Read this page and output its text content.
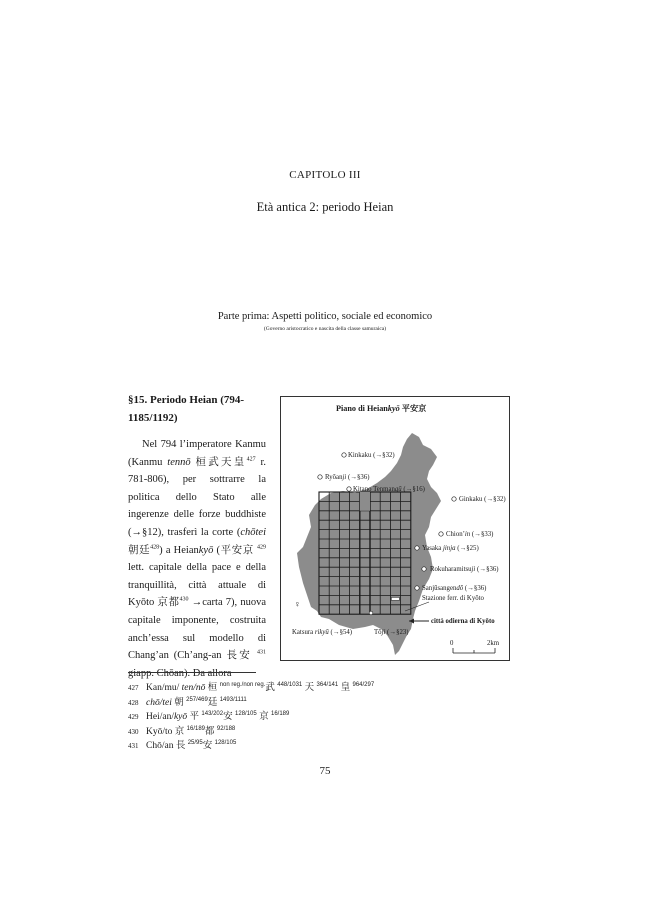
CAPITOLO III
Età antica 2: periodo Heian
Parte prima: Aspetti politico, sociale ed economico
(Governo aristocratico e nascita della classe samuraica)
§15. Periodo Heian (794-1185/1192)

Nel 794 l’imperatore Kanmu (Kanmu tennō 桓武天皇$^{427}$ r. 781-806), per sottrarre la politica dello Stato alle ingerenze delle forze buddhiste (→§12), trasferì la corte (chōtei 朝廷$^{428}$) a Heiankyō (平安京 $^{429}$ lett. capitale della pace e della tranquillità, città attuale di Kyōto 京都$^{430}$ →carta 7), nuova capitale imponente, costruita anch’essa sul modello di Chang’an (Ch’ang-an 長安 $^{431}$ giapp. Chōan). Da allora

427 Kan/mu/ ten/nō 桓 $^{non reg./non reg.}$武 $^{448/1031}$ 天 $^{364/141}$ 皇 $^{964/297}$
428 chō/tei 朝 $^{257/469}$廷 $^{1493/1111}$
429 Hei/an/kyō 平 $^{143/202}$安 $^{128/105}$ 京 $^{16/189}$
430 Kyō/to 京 $^{16/189}$都 $^{92/188}$
431 Chō/an 長 $^{25/95}$安 $^{128/105}$
75
Piano di Heiankyō 平安京
Kinkaku (→§32)
Ryōanji (→§36)
Kitano Tenmangū (→§16)
Ginkaku (→§32)
Chion’in (→§33)
Yasaka jinja (→§25)
Rokuharamitsuji (→§36)
Sanjūsangendō (→§36)
Stazione ferr. di Kyōto
città odierna di Kyōto
♀
Katsura rikyū (→§54)	Tōji (→§23)
0	2km
